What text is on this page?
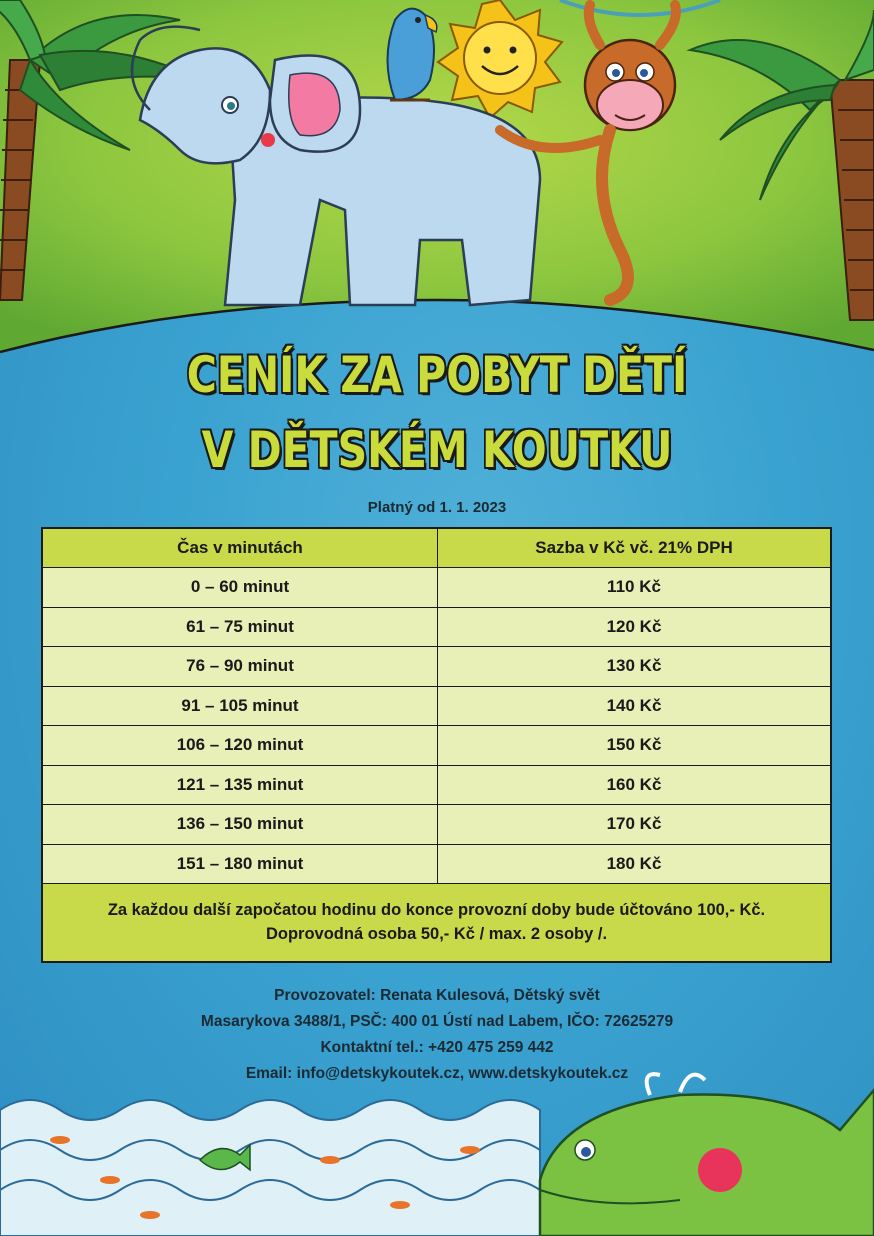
CENÍK ZA POBYT DĚTÍ
V DĚTSKÉM KOUTKU
Platný od 1. 1. 2023
Čas v minutách	Sazba v Kč vč. 21% DPH
0 – 60 minut	110 Kč
61 – 75 minut	120 Kč
76 – 90 minut	130 Kč
91 – 105 minut	140 Kč
106 – 120 minut	150 Kč
121 – 135 minut	160 Kč
136 – 150 minut	170 Kč
151 – 180 minut	180 Kč
Za každou další započatou hodinu do konce provozní doby bude účtováno 100,- Kč.
Doprovodná osoba 50,- Kč / max. 2 osoby /.
Provozovatel: Renata Kulesová, Dětský svět
Masarykova 3488/1, PSČ: 400 01 Ústí nad Labem, IČO: 72625279
Kontaktní tel.: +420 475 259 442
Email: info@detskykoutek.cz, www.detskykoutek.cz
